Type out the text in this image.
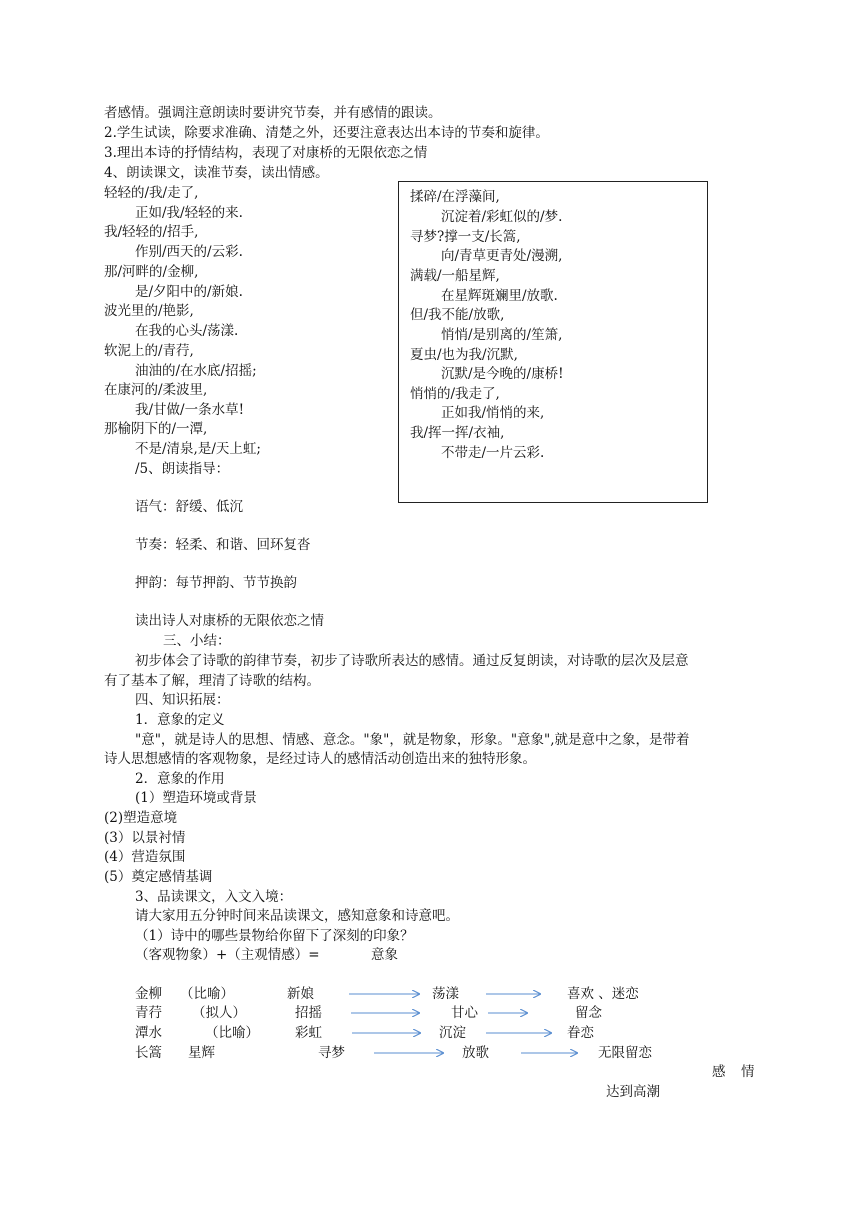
者感情。强调注意朗读时要讲究节奏，并有感情的跟读。
2.学生试读，除要求准确、清楚之外，还要注意表达出本诗的节奏和旋律。
3.理出本诗的抒情结构，表现了对康桥的无限依恋之情
4、朗读课文，读准节奏，读出情感。
轻轻的/我/走了,
正如/我/轻轻的来.
我/轻轻的/招手,
作别/西天的/云彩.
那/河畔的/金柳,
是/夕阳中的/新娘.
波光里的/艳影,
在我的心头/荡漾.
软泥上的/青荇,
油油的/在水底/招摇;
在康河的/柔波里,
我/甘做/一条水草!
那榆阴下的/一潭,
不是/清泉,是/天上虹;
/5、朗读指导：
揉碎/在浮藻间,
沉淀着/彩虹似的/梦.
寻梦?撑一支/长篙,
向/青草更青处/漫溯,
满载/一船星辉,
在星辉斑斓里/放歌.
但/我不能/放歌,
悄悄/是别离的/笙箫,
夏虫/也为我/沉默,
沉默/是今晚的/康桥!
悄悄的/我走了,
正如我/悄悄的来,
我/挥一挥/衣袖,
不带走/一片云彩.
语气：舒缓、低沉
节奏：轻柔、和谐、回环复沓
押韵：每节押韵、节节换韵
读出诗人对康桥的无限依恋之情
三、小结：
初步体会了诗歌的韵律节奏，初步了诗歌所表达的感情。通过反复朗读，对诗歌的层次及层意
有了基本了解，理清了诗歌的结构。
四、知识拓展：
1．意象的定义
"意"，就是诗人的思想、情感、意念。"象"，就是物象，形象。"意象",就是意中之象，是带着
诗人思想感情的客观物象，是经过诗人的感情活动创造出来的独特形象。
2．意象的作用
(1）塑造环境或背景
(2)塑造意境
(3）以景衬情
(4）营造氛围
(5）奠定感情基调
3、品读课文，入文入境：
请大家用五分钟时间来品读课文，感知意象和诗意吧。
（1）诗中的哪些景物给你留下了深刻的印象？
（客观物象）+（主观情感）=	意象
金柳 （比喻）	新娘	荡漾	喜欢 、迷恋
青荇 （拟人）	招摇	甘心	留念
潭水	（比喻）	彩虹	沉淀	眷恋
长篙 星辉	寻梦	放歌	无限留恋
感 情
达到高潮
